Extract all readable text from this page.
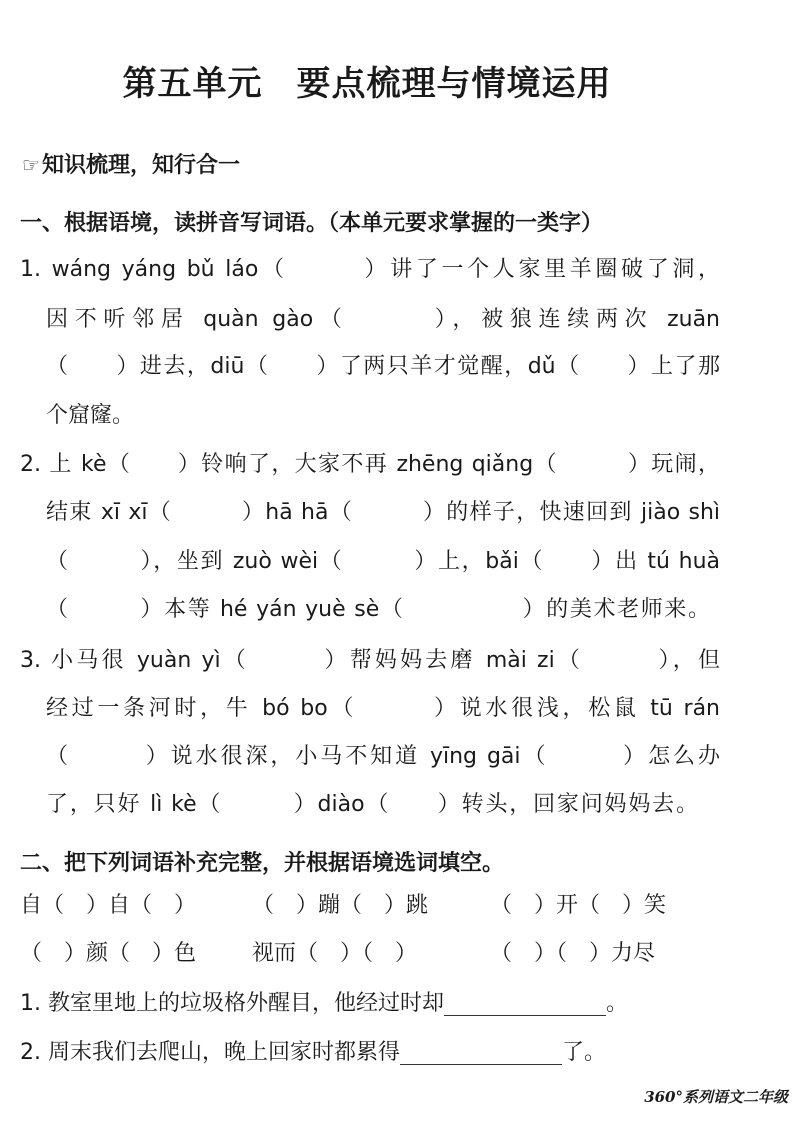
第五单元 要点梳理与情境运用
☞知识梳理，知行合一
一、根据语境，读拼音写词语。（本单元要求掌握的一类字）
1. wáng yáng bǔ láo（　　　）讲了一个人家里羊圈破了洞，
因不听邻居 quàn gào（　　　），被狼连续两次 zuān
（　　）进去，diū（　　）了两只羊才觉醒，dǔ（　　）上了那
个窟窿。
2. 上 kè（　　）铃响了，大家不再 zhēng qiǎng（　　　）玩闹，
结束 xī xī（　　　）hā hā（　　　）的样子，快速回到 jiào shì
（　　　），坐到 zuò wèi（　　　）上，bǎi（　　）出 tú huà
（　　　）本等 hé yán yuè sè（　　　　　）的美术老师来。
3. 小马很 yuàn yì（　　　）帮妈妈去磨 mài zi（　　　），但
经过一条河时，牛 bó bo（　　　）说水很浅，松鼠 tū rán
（　　　）说水很深，小马不知道 yīng gāi（　　　）怎么办
了，只好 lì kè（　　　）diào（　　）转头，回家问妈妈去。
二、把下列词语补充完整，并根据语境选词填空。
自（　）自（　）	（　）蹦（　）跳	（　）开（　）笑
（　）颜（　）色	视而（　）（　）	（　）（　）力尽
1. 教室里地上的垃圾格外醒目，他经过时却	。
2. 周末我们去爬山，晚上回家时都累得	了。
360°系列语文二年级
